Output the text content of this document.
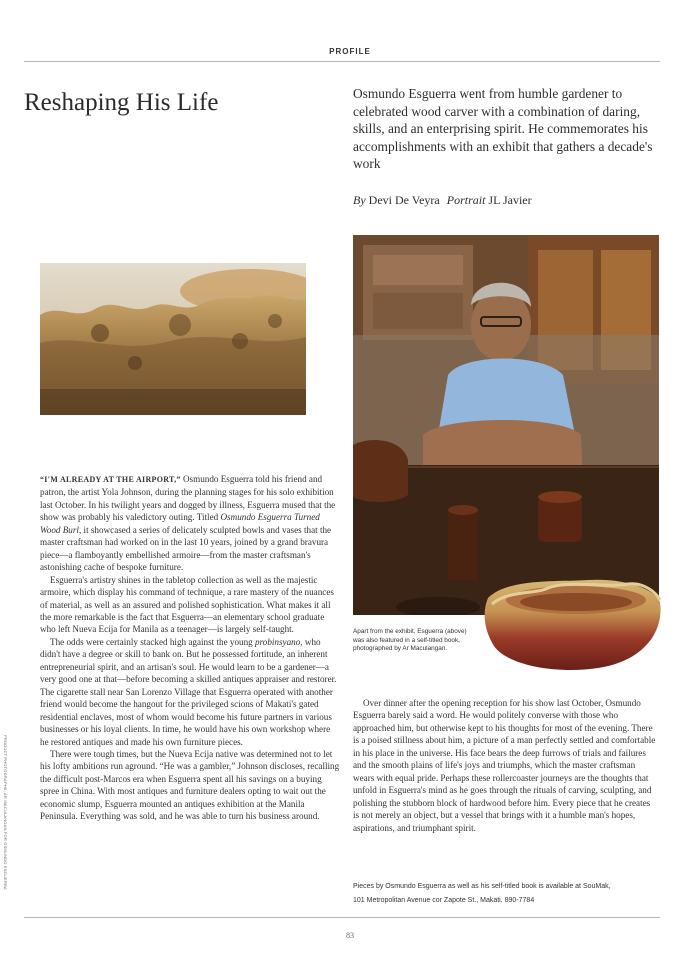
PROFILE
Reshaping His Life	Osmundo Esguerra went from humble gardener to celebrated wood carver with a combination of daring, skills, and an enterprising spirit. He commemorates his accomplishments with an exhibit that gathers a decade's work
By Devi De Veyra Portrait JL Javier
Apart from the exhibit, Esguerra (above) was also featured in a self-titled book, photographed by Ar Maculangan.

“I'M ALREADY AT THE AIRPORT,” Osmundo Esguerra told his friend and patron, the artist Yola Johnson, during the planning stages for his solo exhibition last October. In his twilight years and dogged by illness, Esguerra mused that the show was probably his valedictory outing. Titled Osmundo Esguerra Turned Wood Burl, it showcased a series of delicately sculpted bowls and vases that the master craftsman had worked on in the last 10 years, joined by a grand bravura piece—a flamboyantly embellished armoire—from the master craftsman's astonishing cache of bespoke furniture.

Esguerra's artistry shines in the tabletop collection as well as the majestic armoire, which display his command of technique, a rare mastery of the nuances of material, as well as an assured and polished sophistication. What makes it all the more remarkable is the fact that Esguerra—an elementary school graduate who left Nueva Ecija for Manila as a teenager—is largely self-taught.

The odds were certainly stacked high against the young probinsyano, who didn't have a degree or skill to bank on. But he possessed fortitude, an inherent entrepreneurial spirit, and an artisan's soul. He would learn to be a gardener—a very good one at that—before becoming a skilled antiques appraiser and restorer. The cigarette stall near San Lorenzo Village that Esguerra operated with another friend would become the hangout for the privileged scions of Makati's gated residential enclaves, most of whom would become his future partners in various businesses or his loyal clients. In time, he would have his own workshop where he restored antiques and made his own furniture pieces.

There were tough times, but the Nueva Ecija native was determined not to let his lofty ambitions run aground. “He was a gambler,” Johnson discloses, recalling the difficult post-Marcos era when Esguerra spent all his savings on a buying spree in China. With most antiques and furniture dealers opting to wait out the economic slump, Esguerra mounted an antiques exhibition at the Manila Peninsula. Everything was sold, and he was able to turn his business around.

Over dinner after the opening reception for his show last October, Osmundo Esguerra barely said a word. He would politely converse with those who approached him, but otherwise kept to his thoughts for most of the evening. There is a poised stillness about him, a picture of a man perfectly settled and comfortable in his place in the universe. His face bears the deep furrows of trials and failures and the smooth plains of life's joys and triumphs, which the master craftsman wears with equal pride. Perhaps these rollercoaster journeys are the thoughts that unfold in Esguerra's mind as he goes through the rituals of carving, sculpting, and polishing the stubborn block of hardwood before him. Every piece that he creates is not merely an object, but a vessel that brings with it a humble man's hopes, aspirations, and triumphant spirit.

Pieces by Osmundo Esguerra as well as his self-titled book is available at SouMak,
101 Metropolitan Avenue cor Zapote St., Makati. 890-7784
83
PRODUCT PHOTOGRAPHS: AR MACULANGAN FOR OSMUNDO ESGUERRA
